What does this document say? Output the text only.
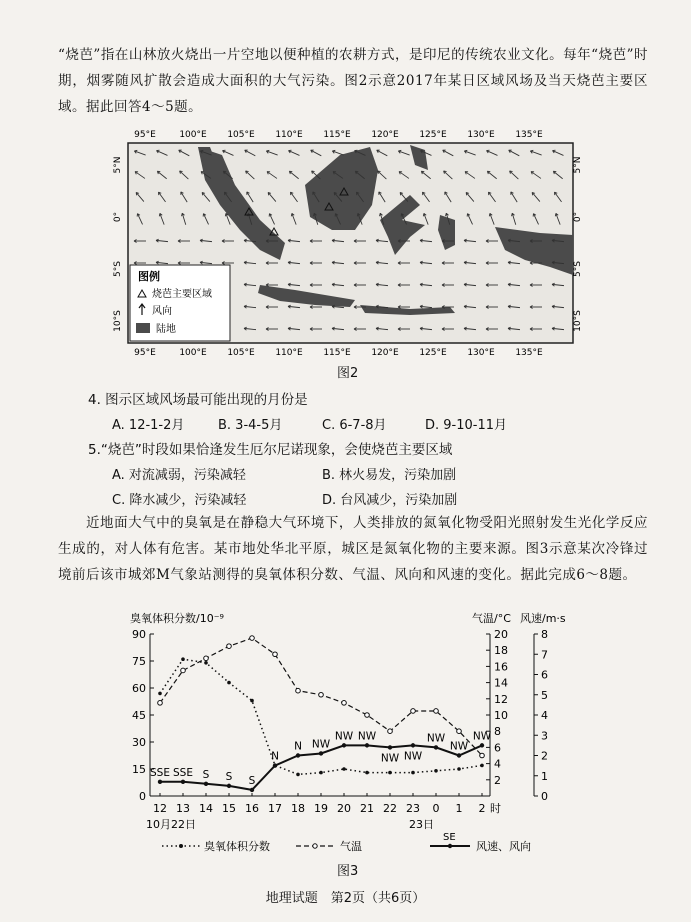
“烧芭”指在山林放火烧出一片空地以便种植的农耕方式，是印尼的传统农业文化。每年“烧芭”时期，烟雾随风扩散会造成大面积的大气污染。图2示意2017年某日区域风场及当天烧芭主要区域。据此回答4～5题。
95°E	100°E 105°E 110°E 115°E 120°E 125°E 130°E 135°E
图例
烧芭主要区域
风向
陆地
95°E	100°E 105°E 110°E 115°E 120°E 125°E 130°E 135°E
5°N
0°
5°S
10°S
5°N
0°
5°S
10°S
图2
4. 图示区域风场最可能出现的月份是
A. 12-1-2月	B. 3-4-5月	C. 6-7-8月	D. 9-10-11月
5.“烧芭”时段如果恰逢发生厄尔尼诺现象，会使烧芭主要区域
A. 对流减弱，污染减轻	B. 林火易发，污染加剧
C. 降水减少，污染减轻	D. 台风减少，污染加剧
近地面大气中的臭氧是在静稳大气环境下，人类排放的氮氧化物受阳光照射发生光化学反应生成的，对人体有危害。某市地处华北平原，城区是氮氧化物的主要来源。图3示意某次冷锋过境前后该市城郊M气象站测得的臭氧体积分数、气温、风向和风速的变化。据此完成6～8题。
臭氧体积分数/10⁻⁹	气温/°C 风速/m·s
0
15
30
45
60
75
90
2
4
6
8
10
12
14
16
18
20
0
1
2
3
4
5
6
7
8
12 13 14 15 16 17 18 19 20 21 22 23 0 1 2 时
10月22日	23日
SSE SSE S S S
N
N NW
NW NW
NW NW
NW
NW
NW
臭氧体积分数	气温
SE
风速、风向
图3
地理试题　第2页（共6页）
